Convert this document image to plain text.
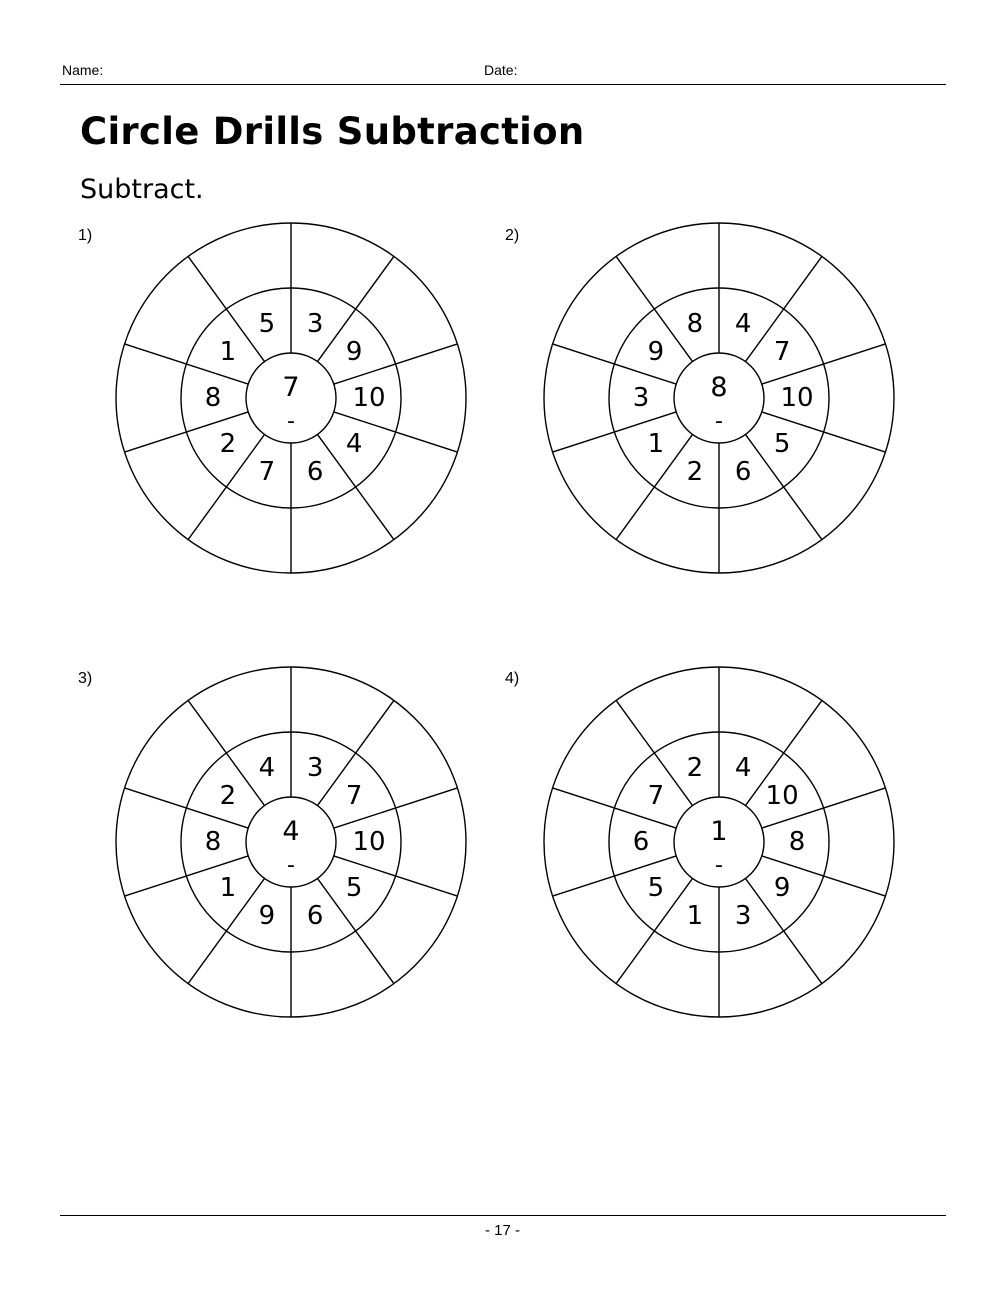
Name:	Date:
Circle Drills Subtraction
Subtract.
1)	2)
3)	4)
1
5	3
9
10
4
6
7
2
8	7
-
9
8	4
7
10
5
6
2
1
3	8
-
2
4	3
7
10
5
6
9
1
8	4
-
7
2	4
10
8
9
3
1
5
6	1
-
- 17 -
